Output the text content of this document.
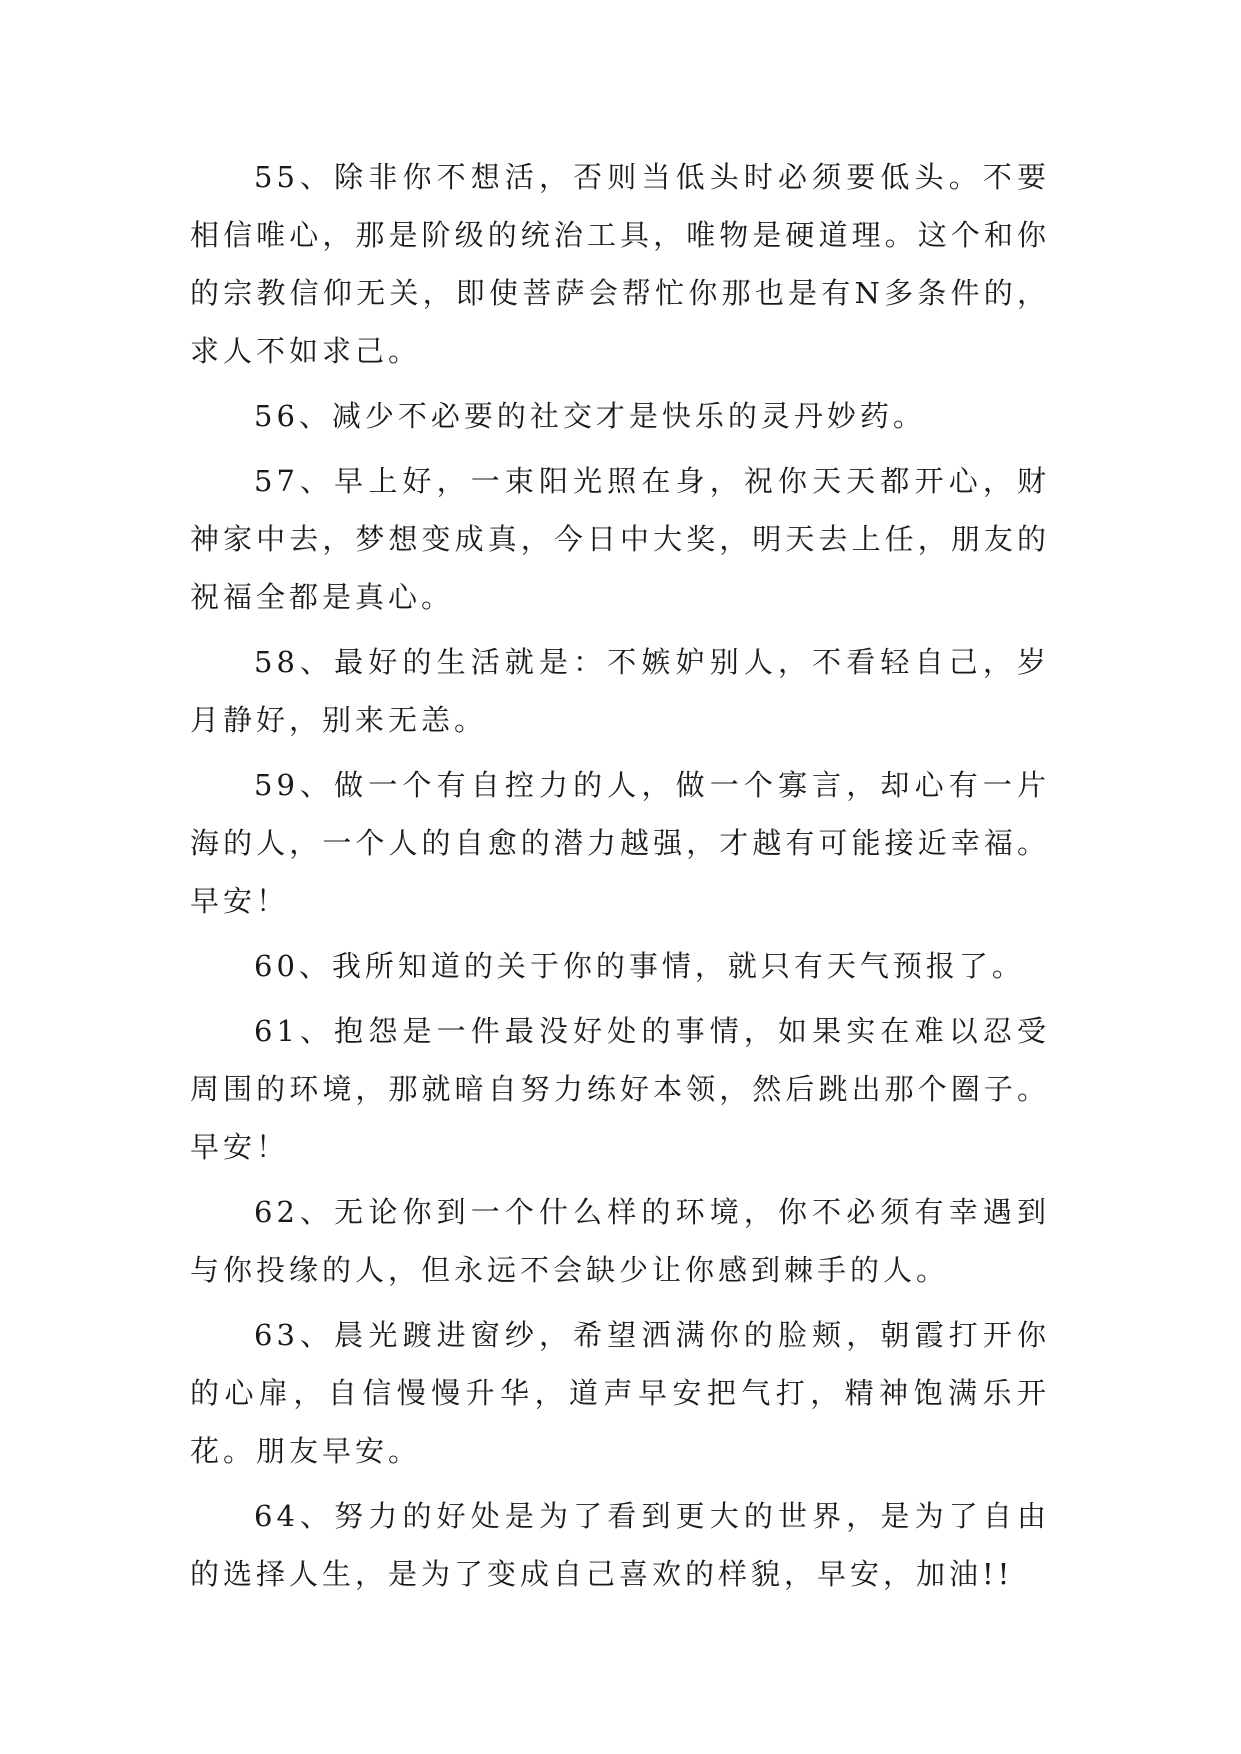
55、除非你不想活，否则当低头时必须要低头。不要相信唯心，那是阶级的统治工具，唯物是硬道理。这个和你的宗教信仰无关，即使菩萨会帮忙你那也是有N多条件的，求人不如求己。

56、减少不必要的社交才是快乐的灵丹妙药。

57、早上好，一束阳光照在身，祝你天天都开心，财神家中去，梦想变成真，今日中大奖，明天去上任，朋友的祝福全都是真心。

58、最好的生活就是：不嫉妒别人，不看轻自己，岁月静好，别来无恙。

59、做一个有自控力的人，做一个寡言，却心有一片海的人，一个人的自愈的潜力越强，才越有可能接近幸福。早安！

60、我所知道的关于你的事情，就只有天气预报了。

61、抱怨是一件最没好处的事情，如果实在难以忍受周围的环境，那就暗自努力练好本领，然后跳出那个圈子。早安！

62、无论你到一个什么样的环境，你不必须有幸遇到与你投缘的人，但永远不会缺少让你感到棘手的人。

63、晨光踱进窗纱，希望洒满你的脸颊，朝霞打开你的心扉，自信慢慢升华，道声早安把气打，精神饱满乐开花。朋友早安。

64、努力的好处是为了看到更大的世界，是为了自由的选择人生，是为了变成自己喜欢的样貌，早安，加油!!
